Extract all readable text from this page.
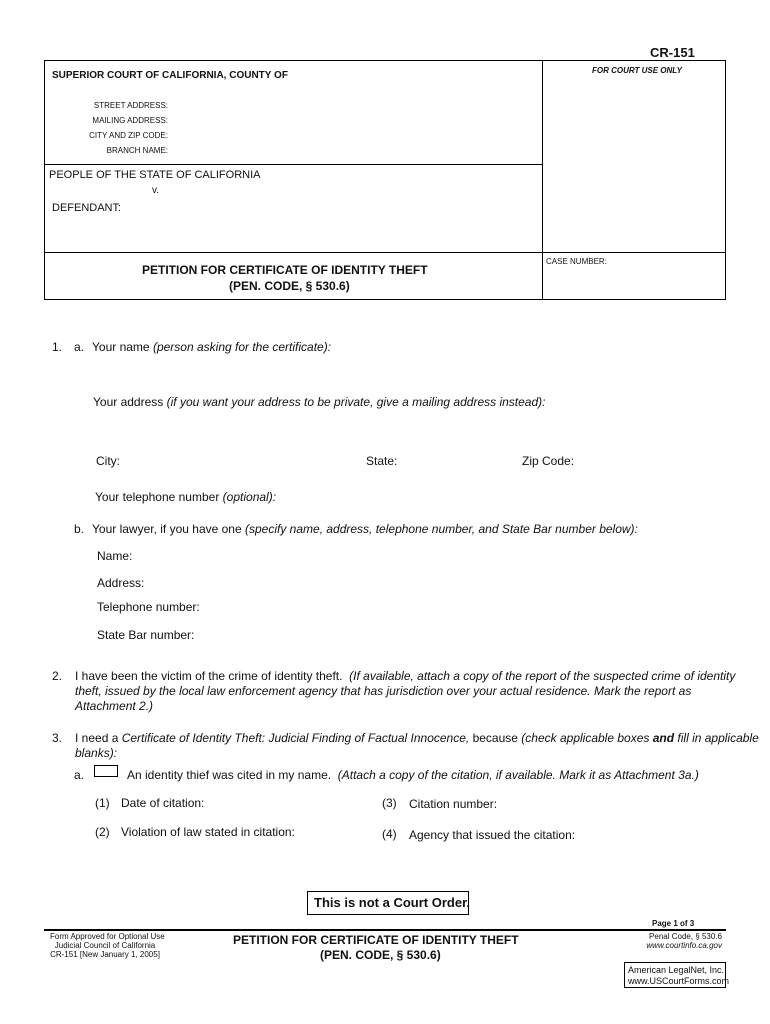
CR-151
SUPERIOR COURT OF CALIFORNIA, COUNTY OF	FOR COURT USE ONLY
STREET ADDRESS:
MAILING ADDRESS:
CITY AND ZIP CODE:
BRANCH NAME:
PEOPLE OF THE STATE OF CALIFORNIA
v.
DEFENDANT:
CASE NUMBER:
PETITION FOR CERTIFICATE OF IDENTITY THEFT
(PEN. CODE, § 530.6)
1. a. Your name (person asking for the certificate):
Your address (if you want your address to be private, give a mailing address instead):
City:	State:	Zip Code:
Your telephone number (optional):
b. Your lawyer, if you have one (specify name, address, telephone number, and State Bar number below):
Name:
Address:
Telephone number:
State Bar number:
2. I have been the victim of the crime of identity theft. (If available, attach a copy of the report of the suspected crime of identity
theft, issued by the local law enforcement agency that has jurisdiction over your actual residence. Mark the report as
Attachment 2.)
3. I need a Certificate of Identity Theft: Judicial Finding of Factual Innocence, because (check applicable boxes and fill in applicable
blanks):
a.	An identity thief was cited in my name. (Attach a copy of the citation, if available. Mark it as Attachment 3a.)
(1) Date of citation:	(3) Citation number:
(2) Violation of law stated in citation:	(4) Agency that issued the citation:
This is not a Court Order.
Page 1 of 3
Form Approved for Optional Use
Judicial Council of California
CR-151 [New January 1, 2005]
PETITION FOR CERTIFICATE OF IDENTITY THEFT
(PEN. CODE, § 530.6)
Penal Code, § 530.6
www.courtinfo.ca.gov
American LegalNet, Inc.
www.USCourtForms.com
